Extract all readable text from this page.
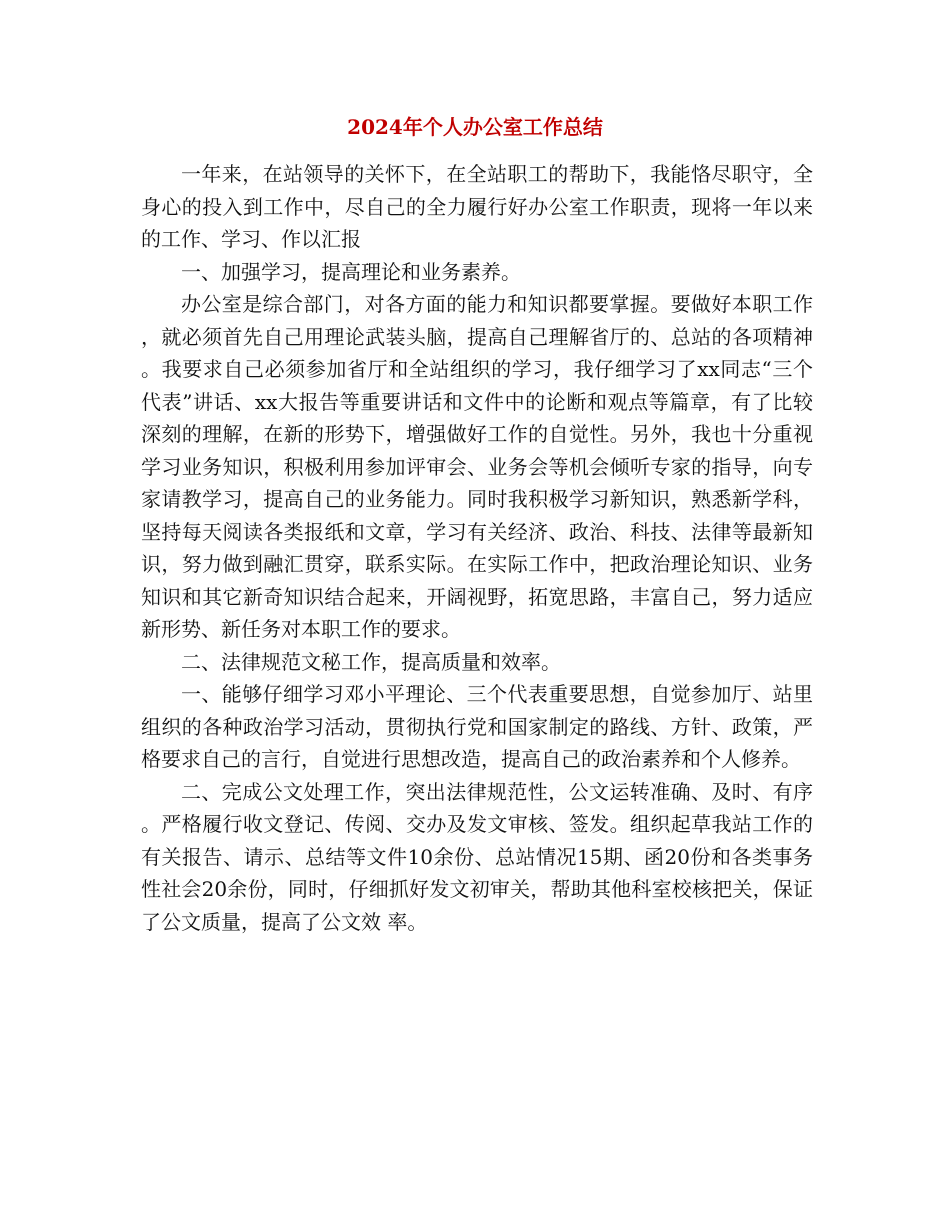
2024年个人办公室工作总结

一年来，在站领导的关怀下，在全站职工的帮助下，我能恪尽职守，全身心的投入到工作中，尽自己的全力履行好办公室工作职责，现将一年以来的工作、学习、作以汇报

一、加强学习，提高理论和业务素养。

办公室是综合部门，对各方面的能力和知识都要掌握。要做好本职工作，就必须首先自己用理论武装头脑，提高自己理解省厅的、总站的各项精神。我要求自己必须参加省厅和全站组织的学习，我仔细学习了xx同志“三个代表”讲话、xx大报告等重要讲话和文件中的论断和观点等篇章，有了比较深刻的理解，在新的形势下，增强做好工作的自觉性。另外，我也十分重视学习业务知识，积极利用参加评审会、业务会等机会倾听专家的指导，向专家请教学习，提高自己的业务能力。同时我积极学习新知识，熟悉新学科，坚持每天阅读各类报纸和文章，学习有关经济、政治、科技、法律等最新知识，努力做到融汇贯穿，联系实际。在实际工作中，把政治理论知识、业务知识和其它新奇知识结合起来，开阔视野，拓宽思路，丰富自己，努力适应新形势、新任务对本职工作的要求。

二、法律规范文秘工作，提高质量和效率。

一、能够仔细学习邓小平理论、三个代表重要思想，自觉参加厅、站里组织的各种政治学习活动，贯彻执行党和国家制定的路线、方针、政策，严格要求自己的言行，自觉进行思想改造，提高自己的政治素养和个人修养。

二、完成公文处理工作，突出法律规范性，公文运转准确、及时、有序。严格履行收文登记、传阅、交办及发文审核、签发。组织起草我站工作的有关报告、请示、总结等文件10余份、总站情况15期、函20份和各类事务性社会20余份，同时，仔细抓好发文初审关，帮助其他科室校核把关，保证了公文质量，提高了公文效 率。
